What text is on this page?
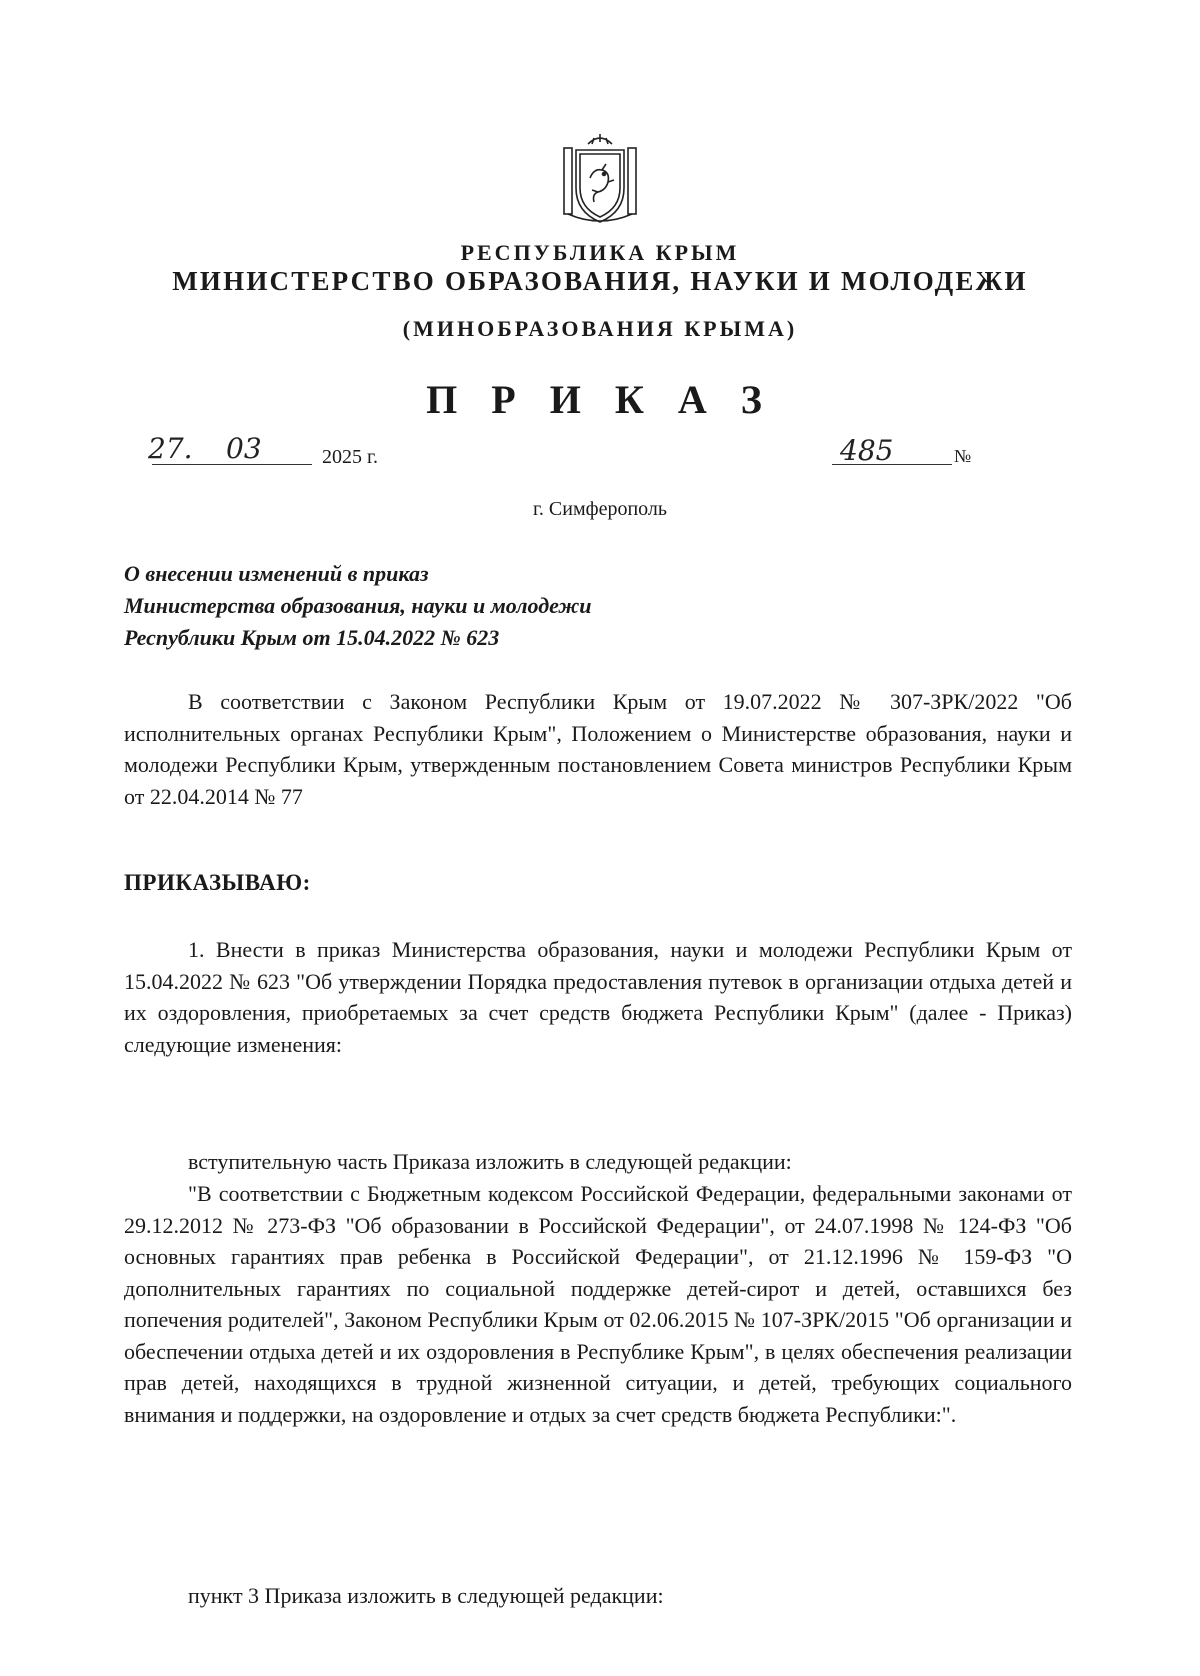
РЕСПУБЛИКА КРЫМ
МИНИСТЕРСТВО ОБРАЗОВАНИЯ, НАУКИ И МОЛОДЕЖИ
(МИНОБРАЗОВАНИЯ КРЫМА)
П Р И К А З
27. 03	2025 г.	485	№
г. Симферополь
О внесении изменений в приказ
Министерства образования, науки и молодежи
Республики Крым от 15.04.2022 № 623
В соответствии с Законом Республики Крым от 19.07.2022 № 307-ЗРК/2022 "Об исполнительных органах Республики Крым", Положением о Министерстве образования, науки и молодежи Республики Крым, утвержденным постановлением Совета министров Республики Крым от 22.04.2014 № 77
ПРИКАЗЫВАЮ:
1. Внести в приказ Министерства образования, науки и молодежи Республики Крым от 15.04.2022 № 623 "Об утверждении Порядка предоставления путевок в организации отдыха детей и их оздоровления, приобретаемых за счет средств бюджета Республики Крым" (далее - Приказ) следующие изменения:
вступительную часть Приказа изложить в следующей редакции:
"В соответствии с Бюджетным кодексом Российской Федерации, федеральными законами от 29.12.2012 № 273-ФЗ "Об образовании в Российской Федерации", от 24.07.1998 № 124-ФЗ "Об основных гарантиях прав ребенка в Российской Федерации", от 21.12.1996 № 159-ФЗ "О дополнительных гарантиях по социальной поддержке детей-сирот и детей, оставшихся без попечения родителей", Законом Республики Крым от 02.06.2015 № 107-ЗРК/2015 "Об организации и обеспечении отдыха детей и их оздоровления в Республике Крым", в целях обеспечения реализации прав детей, находящихся в трудной жизненной ситуации, и детей, требующих социального внимания и поддержки, на оздоровление и отдых за счет средств бюджета Республики:".
пункт 3 Приказа изложить в следующей редакции:
